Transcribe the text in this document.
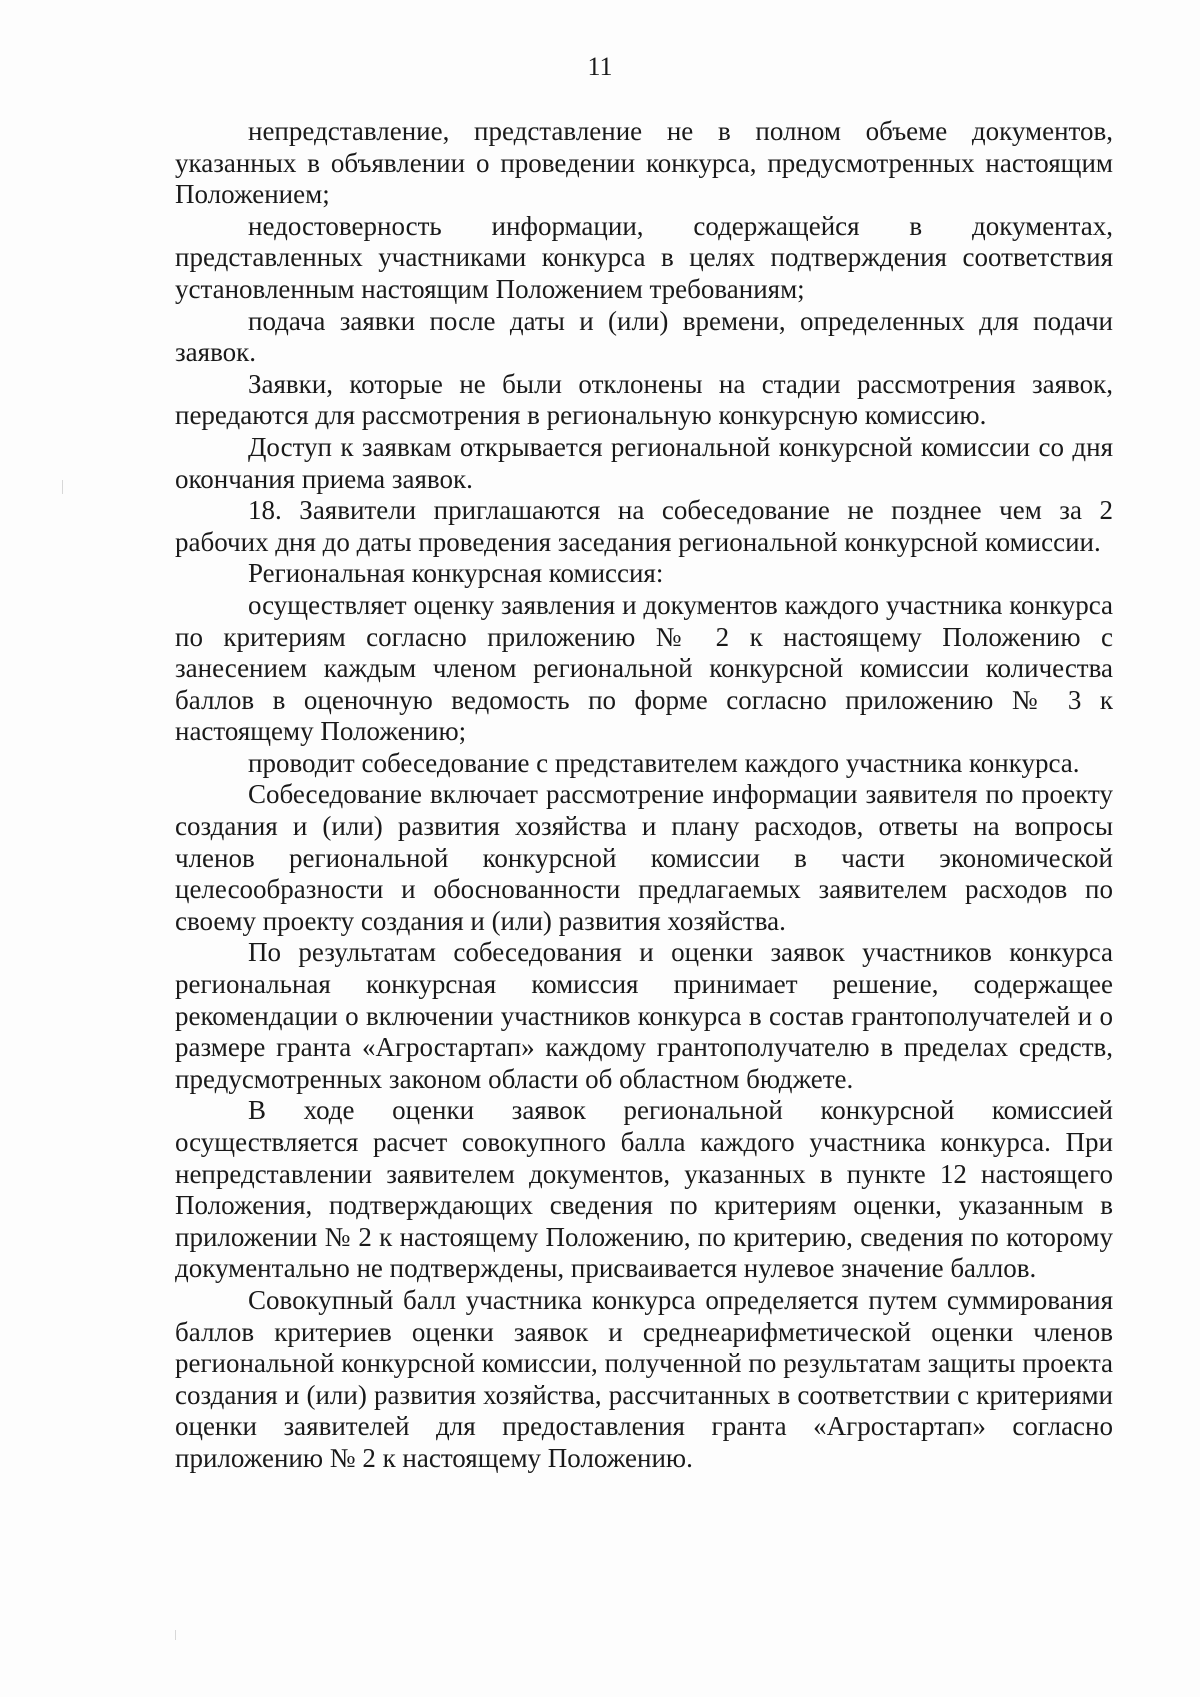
11

непредставление, представление не в полном объеме документов, указанных в объявлении о проведении конкурса, предусмотренных настоящим Положением;

недостоверность информации, содержащейся в документах, представленных участниками конкурса в целях подтверждения соответствия установленным настоящим Положением требованиям;

подача заявки после даты и (или) времени, определенных для подачи заявок.

Заявки, которые не были отклонены на стадии рассмотрения заявок, передаются для рассмотрения в региональную конкурсную комиссию.

Доступ к заявкам открывается региональной конкурсной комиссии со дня окончания приема заявок.

18. Заявители приглашаются на собеседование не позднее чем за 2 рабочих дня до даты проведения заседания региональной конкурсной комиссии.

Региональная конкурсная комиссия:

осуществляет оценку заявления и документов каждого участника конкурса по критериям согласно приложению № 2 к настоящему Положению с занесением каждым членом региональной конкурсной комиссии количества баллов в оценочную ведомость по форме согласно приложению № 3 к настоящему Положению;

проводит собеседование с представителем каждого участника конкурса.

Собеседование включает рассмотрение информации заявителя по проекту создания и (или) развития хозяйства и плану расходов, ответы на вопросы членов региональной конкурсной комиссии в части экономической целесообразности и обоснованности предлагаемых заявителем расходов по своему проекту создания и (или) развития хозяйства.

По результатам собеседования и оценки заявок участников конкурса региональная конкурсная комиссия принимает решение, содержащее рекомендации о включении участников конкурса в состав грантополучателей и о размере гранта «Агростартап» каждому грантополучателю в пределах средств, предусмотренных законом области об областном бюджете.

В ходе оценки заявок региональной конкурсной комиссией осуществляется расчет совокупного балла каждого участника конкурса. При непредставлении заявителем документов, указанных в пункте 12 настоящего Положения, подтверждающих сведения по критериям оценки, указанным в приложении № 2 к настоящему Положению, по критерию, сведения по которому документально не подтверждены, присваивается нулевое значение баллов.

Совокупный балл участника конкурса определяется путем суммирования баллов критериев оценки заявок и среднеарифметической оценки членов региональной конкурсной комиссии, полученной по результатам защиты проекта создания и (или) развития хозяйства, рассчитанных в соответствии с критериями оценки заявителей для предоставления гранта «Агростартап» согласно приложению № 2 к настоящему Положению.
